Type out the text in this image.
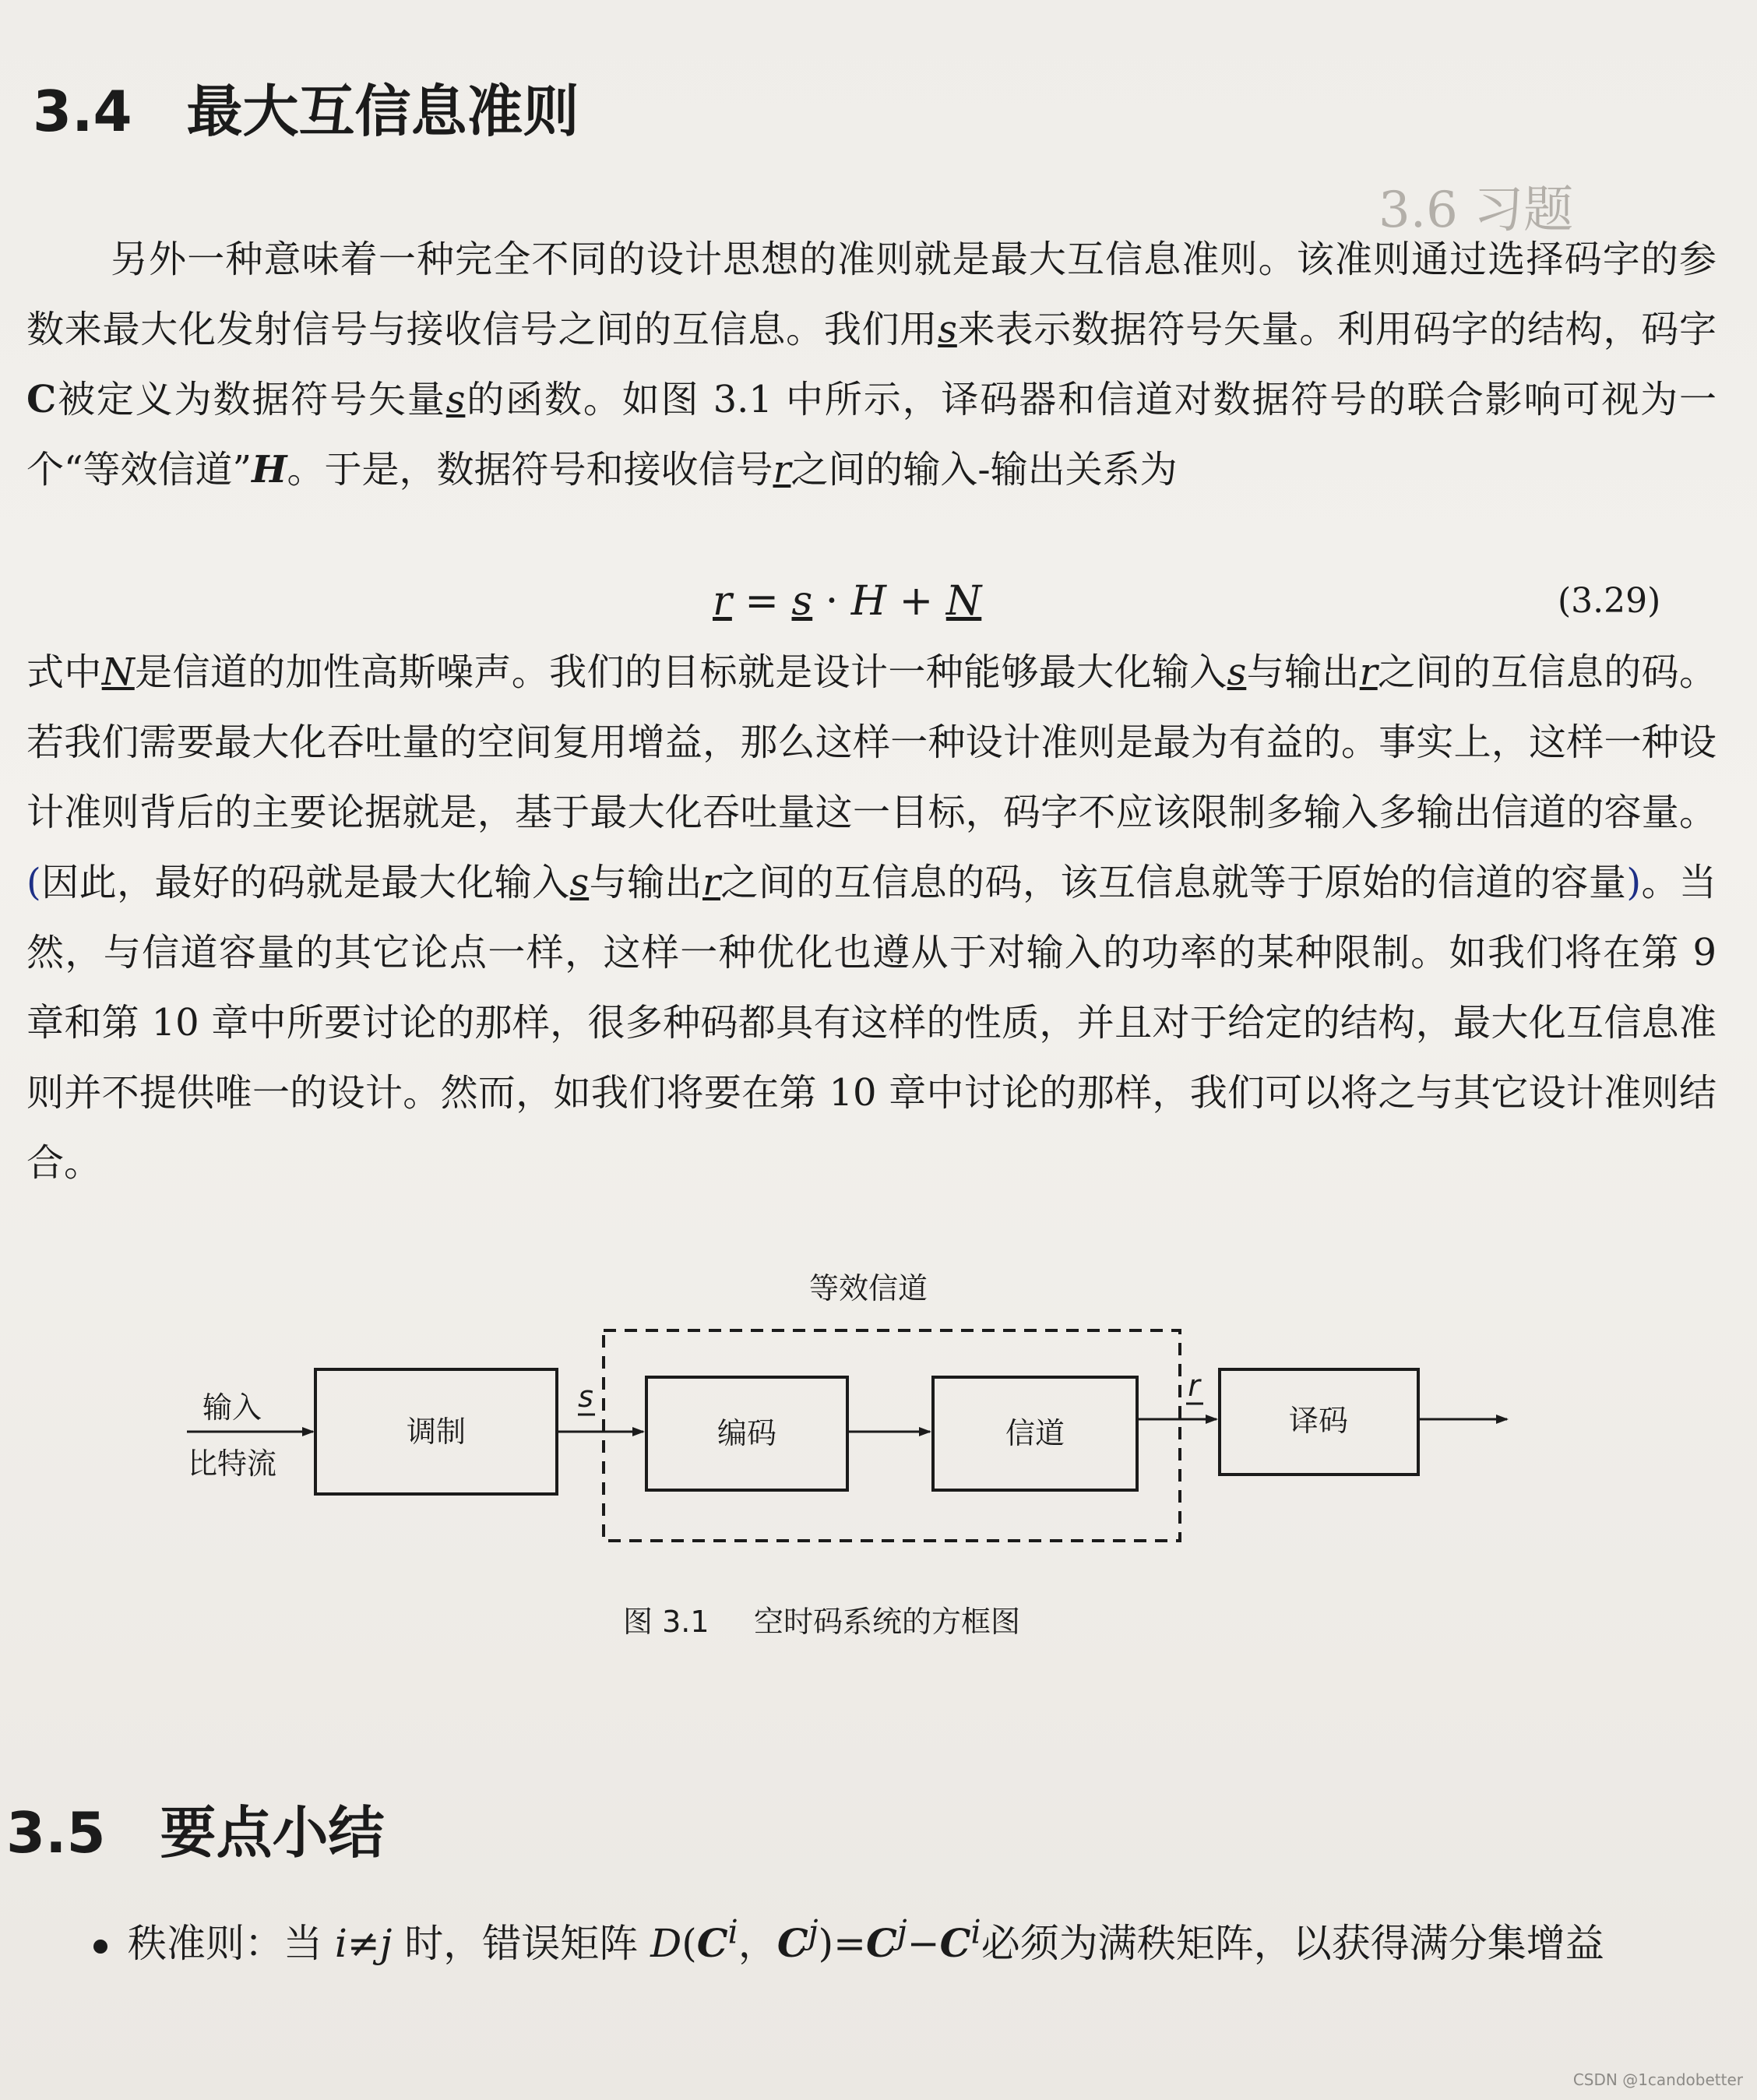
3.6 习题
3.4 最大互信息准则
另外一种意味着一种完全不同的设计思想的准则就是最大互信息准则。该准则通过选择码字的参数来最大化发射信号与接收信号之间的互信息。我们用s来表示数据符号矢量。利用码字的结构，码字C被定义为数据符号矢量s的函数。如图 3.1 中所示，译码器和信道对数据符号的联合影响可视为一个“等效信道”H。于是，数据符号和接收信号r之间的输入-输出关系为
r = s · H + N	(3.29)
式中N是信道的加性高斯噪声。我们的目标就是设计一种能够最大化输入s与输出r之间的互信息的码。若我们需要最大化吞吐量的空间复用增益，那么这样一种设计准则是最为有益的。事实上，这样一种设计准则背后的主要论据就是，基于最大化吞吐量这一目标，码字不应该限制多输入多输出信道的容量。(因此，最好的码就是最大化输入s与输出r之间的互信息的码，该互信息就等于原始的信道的容量)。当然，与信道容量的其它论点一样，这样一种优化也遵从于对输入的功率的某种限制。如我们将在第 9 章和第 10 章中所要讨论的那样，很多种码都具有这样的性质，并且对于给定的结构，最大化互信息准则并不提供唯一的设计。然而，如我们将要在第 10 章中讨论的那样，我们可以将之与其它设计准则结合。
等效信道
输入
比特流
调制
s
编码	信道
r
译码
图 3.1 空时码系统的方框图
3.5 要点小结
秩准则：当 i≠j 时，错误矩阵 $D(C^i$，$C^j)=C^j-C^i$必须为满秩矩阵，以获得满分集增益
CSDN @1candobetter
